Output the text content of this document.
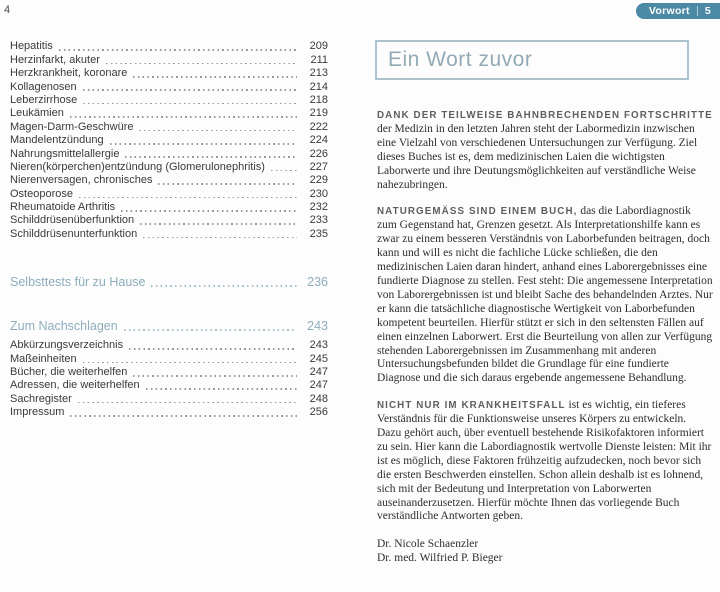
4
Hepatitis	209
Herzinfarkt, akuter	211
Herzkrankheit, koronare	213
Kollagenosen	214
Leberzirrhose	218
Leukämien	219
Magen-Darm-Geschwüre	222
Mandelentzündung	224
Nahrungsmittelallergie	226
Nieren(körperchen)entzündung (Glomerulonephritis)	227
Nierenversagen, chronisches	229
Osteoporose	230
Rheumatoide Arthritis	232
Schilddrüsenüberfunktion	233
Schilddrüsenunterfunktion	235
Selbsttests für zu Hause	236
Zum Nachschlagen	243
Abkürzungsverzeichnis	243
Maßeinheiten	245
Bücher, die weiterhelfen	247
Adressen, die weiterhelfen	247
Sachregister	248
Impressum	256
Vorwort 5
Ein Wort zuvor

DANK DER TEILWEISE BAHNBRECHENDEN FORTSCHRITTE der Medizin in den letzten Jahren steht der Labormedizin inzwischen eine Vielzahl von verschiedenen Untersuchungen zur Verfügung. Ziel dieses Buches ist es, dem medizinischen Laien die wichtigsten Laborwerte und ihre Deutungsmöglichkeiten auf verständliche Weise nahezubringen.

NATURGEMÄSS SIND EINEM BUCH, das die Labordiagnostik zum Gegenstand hat, Grenzen gesetzt. Als Interpretationshilfe kann es zwar zu einem besseren Verständnis von Laborbefunden beitragen, doch kann und will es nicht die fachliche Lücke schließen, die den medizinischen Laien daran hindert, anhand eines Laborergebnisses eine fundierte Diagnose zu stellen. Fest steht: Die angemessene Interpretation von Laborergebnissen ist und bleibt Sache des behandelnden Arztes. Nur er kann die tatsächliche diagnostische Wertigkeit von Laborbefunden kompetent beurteilen. Hierfür stützt er sich in den seltensten Fällen auf einen einzelnen Laborwert. Erst die Beurteilung von allen zur Verfügung stehenden Laborergebnissen im Zusammenhang mit anderen Untersuchungsbefunden bildet die Grundlage für eine fundierte Diagnose und die sich daraus ergebende angemessene Behandlung.

NICHT NUR IM KRANKHEITSFALL ist es wichtig, ein tieferes Verständnis für die Funktionsweise unseres Körpers zu entwickeln. Dazu gehört auch, über eventuell bestehende Risikofaktoren informiert zu sein. Hier kann die Labordiagnostik wertvolle Dienste leisten: Mit ihr ist es möglich, diese Faktoren frühzeitig aufzudecken, noch bevor sich die ersten Beschwerden einstellen. Schon allein deshalb ist es lohnend, sich mit der Bedeutung und Interpretation von Laborwerten auseinanderzusetzen. Hierfür möchte Ihnen das vorliegende Buch verständliche Antworten geben.

Dr. Nicole Schaenzler
Dr. med. Wilfried P. Bieger
